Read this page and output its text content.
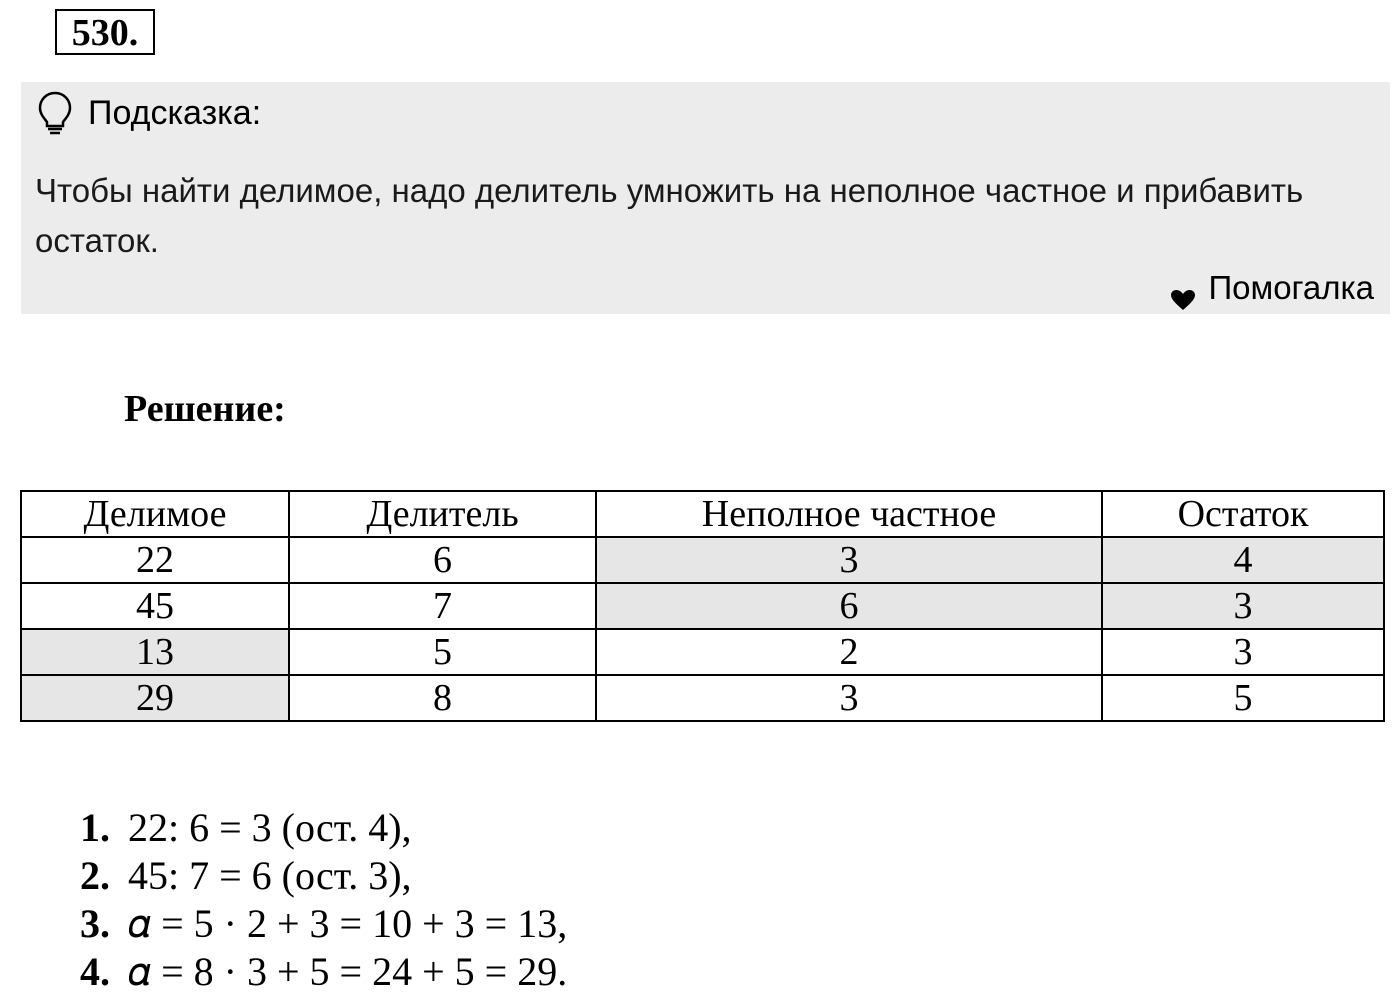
530.
Подсказка:
Чтобы найти делимое, надо делитель умножить на неполное частное и прибавить остаток.
Помогалка
Решение:
Делимое	Делитель	Неполное частное	Остаток
22	6	3	4
45	7	6	3
13	5	2	3
29	8	3	5
1. 22: 6 = 3 (ост. 4),
2. 45: 7 = 6 (ост. 3),
3. 𝛼 = 5 · 2 + 3 = 10 + 3 = 13,
4. 𝛼 = 8 · 3 + 5 = 24 + 5 = 29.
